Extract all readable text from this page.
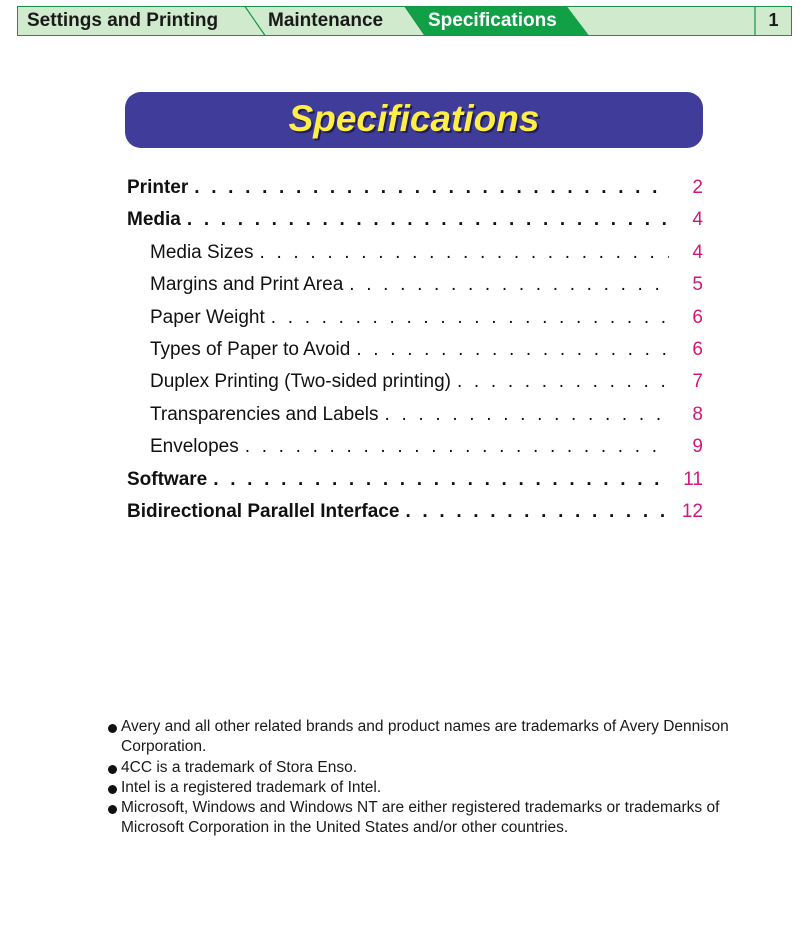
Settings and Printing	Maintenance Specifications	1
Specifications
Printer . . .	2
Media . . .	4
Media Sizes . . .	4
Margins and Print Area . . .	5
Paper Weight . . .	6
Types of Paper to Avoid . . .	6
Duplex Printing (Two-sided printing) . . .	7
Transparencies and Labels . . .	8
Envelopes . . .	9
Software . . .	11
Bidirectional Parallel Interface . . .	12
Avery and all other related brands and product names are trademarks of Avery Dennison Corporation.
4CC is a trademark of Stora Enso.
Intel is a registered trademark of Intel.
Microsoft, Windows and Windows NT are either registered trademarks or trademarks of Microsoft Corporation in the United States and/or other countries.
